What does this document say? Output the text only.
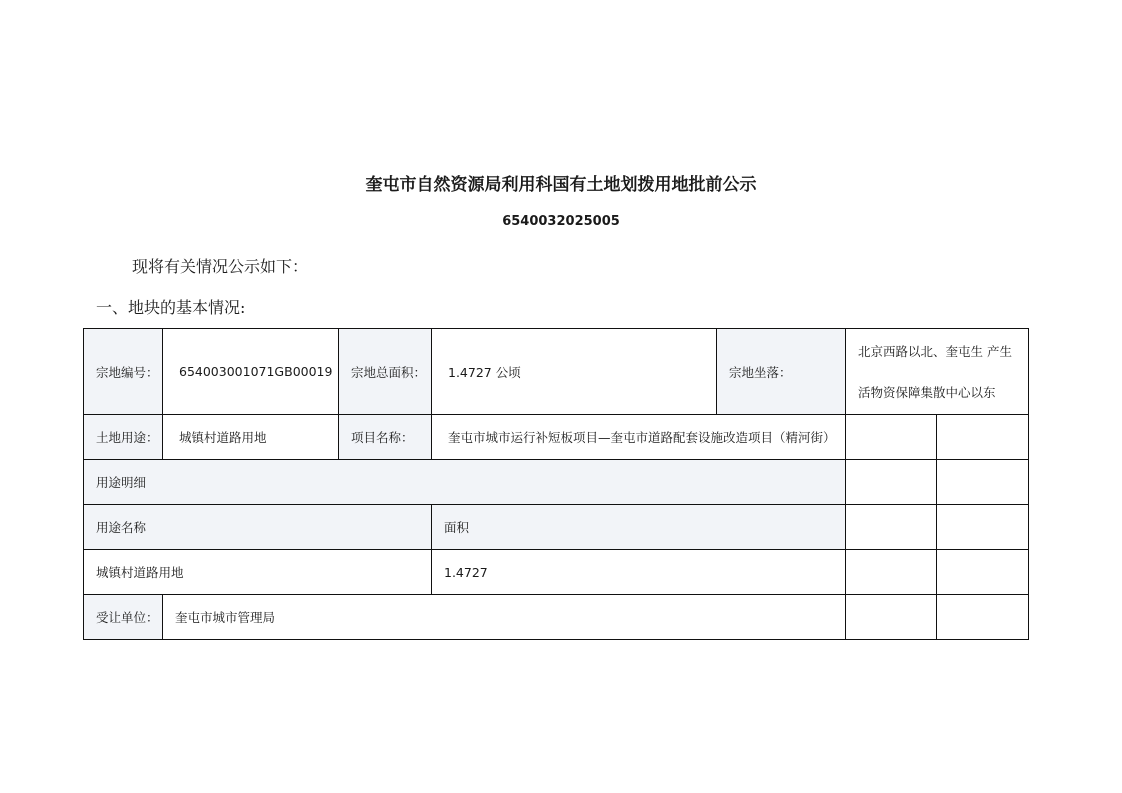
奎屯市自然资源局利用科国有土地划拨用地批前公示

6540032025005

现将有关情况公示如下：

一、地块的基本情况:

宗地编号：	654003001071GB00019	宗地总面积：	1.4727 公顷	宗地坐落：	北京西路以北、奎屯生 产生活物资保障集散中心以东	
土地用途：	城镇村道路用地	项目名称：	奎屯市城市运行补短板项目—奎屯市道路配套设施改造项目（精河街）			
用途明细						
用途名称			面积			
城镇村道路用地			1.4727			
受让单位：	奎屯市城市管理局					
